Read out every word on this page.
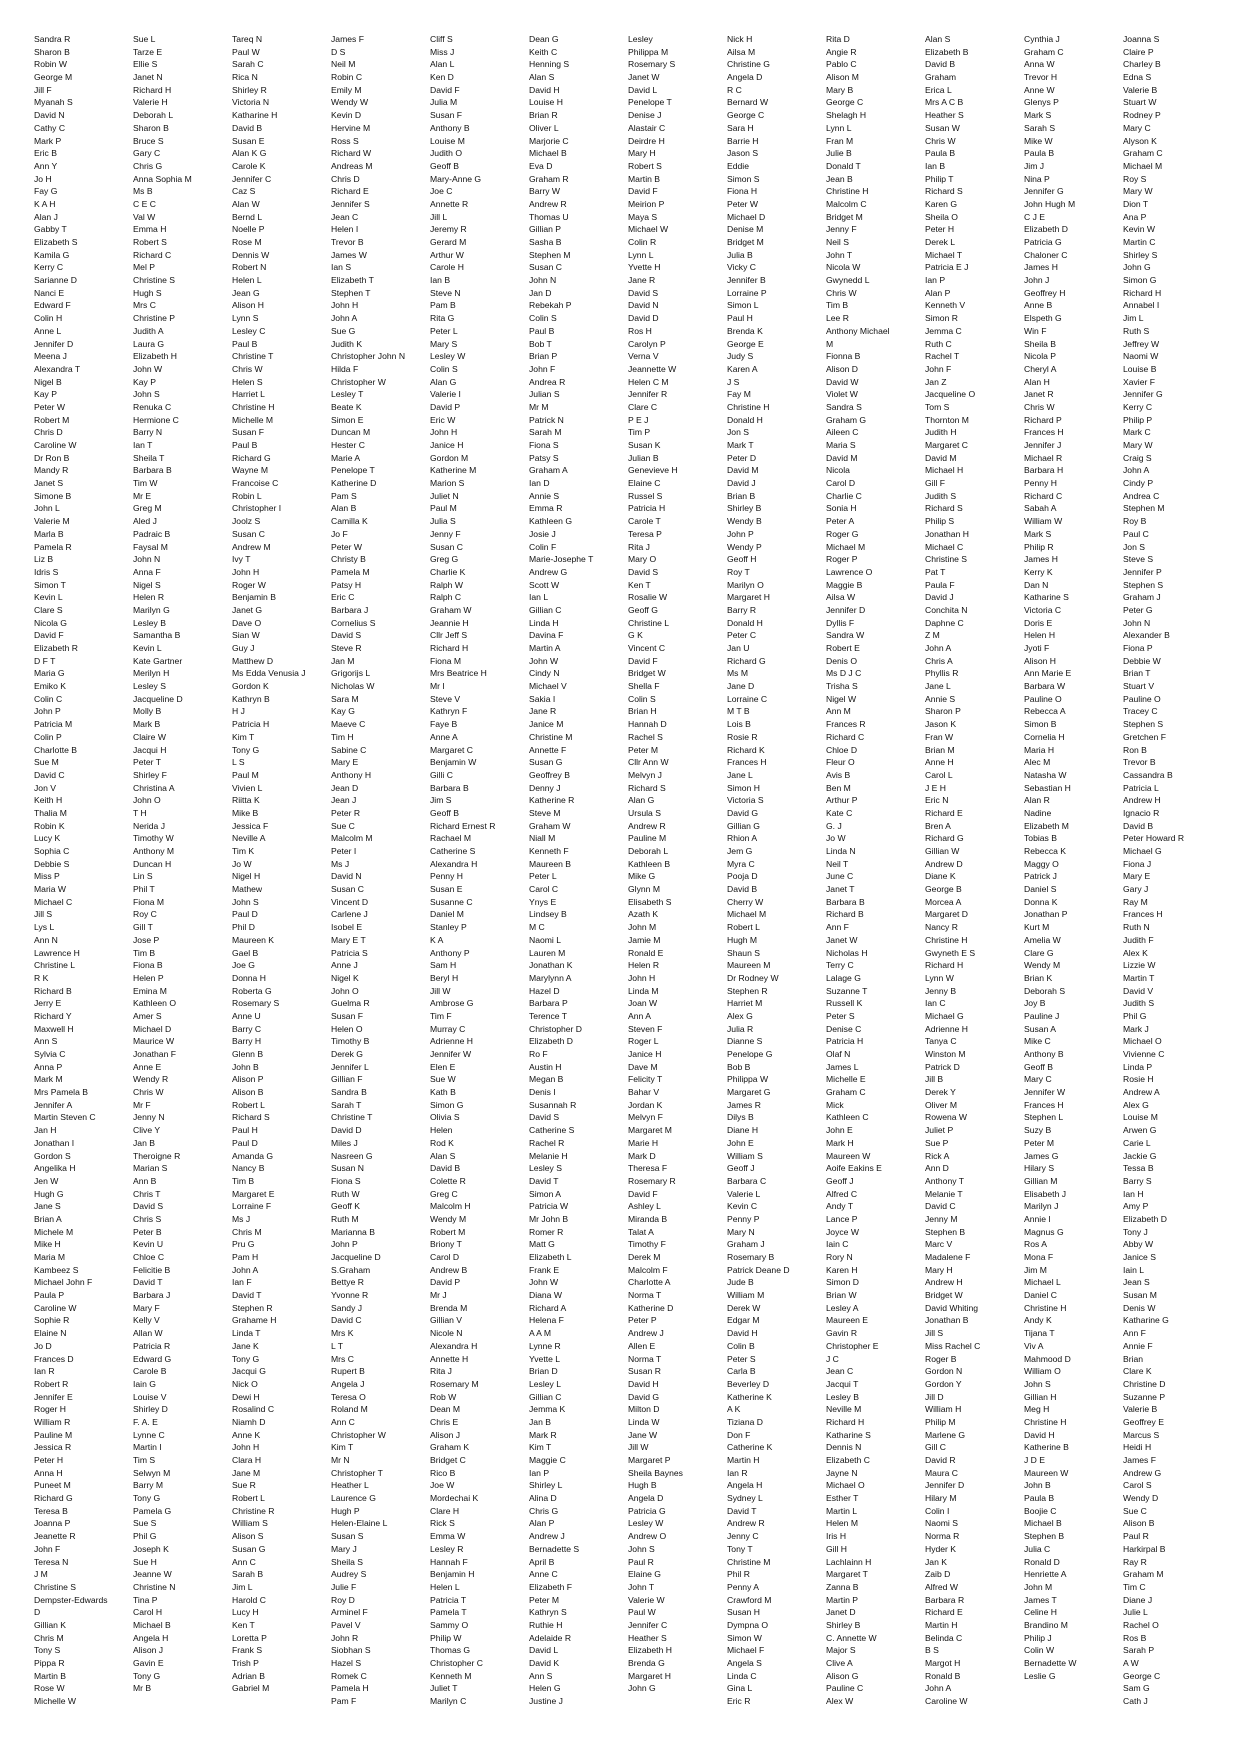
Sandra R
Sharon B
Robin W
George M
Jill F
Myanah S
David N
Cathy C
Mark P
Eric B
Ann Y
Jo H
Fay G
K A H
Alan J
Gabby T
Elizabeth S
Kamila G
Kerry C
Sarianne D
Nanci E
Edward F
Colin H
Anne L
Jennifer D
Meena J
Alexandra T
Nigel B
Kay P
Peter W
Robert M
Chris D
Caroline W
Dr Ron B
Mandy R
Janet S
Simone B
John L
Valerie M
Marla B
Pamela R
Liz B
Idris S
Simon T
Kevin L
Clare S
Nicola G
David F
Elizabeth R
D F T
Maria G
Emiko K
Colin C
John P
Patricia M
Colin P
Charlotte B
Sue M
David C
Jon V
Keith H
Thalia M
Robin K
Lucy K
Sophia C
Debbie S
Miss P
Maria W
Michael C
Jill S
Lys L
Ann N
Lawrence H
Christine L
R K
Richard B
Jerry E
Richard Y
Maxwell H
Ann S
Sylvia C
Anna P
Mark M
Mrs Pamela B
Jennifer A
Martin Steven C
Jan H
Jonathan I
Gordon S
Angelika H
Jen W
Hugh G
Jane S
Brian A
Michele M
Mike H
Maria M
Kambeez S
Michael John F
Paula P
Caroline W
Sophie R
Elaine N
Jo D
Frances D
Ian R
Robert R
Jennifer E
Roger H
William R
Pauline M
Jessica R
Peter H
Anna H
Puneet M
Richard G
Teresa B
Joanna P
Jeanette R
John F
Teresa N
J M
Christine S
Dempster-Edwards
D
Gillian K
Chris M
Tony S
Pippa R
Martin B
Rose W
Michelle W
Sue L
Tarze E
Ellie S
Janet N
Richard H
Valerie H
Deborah L
Sharon B
Bruce S
Gary C
Chris G
Anna Sophia M
Ms B
C E C
Val W
Emma H
Robert S
Richard C
Mel P
Christine S
Hugh S
Mrs C
Christine P
Judith A
Laura G
Elizabeth H
John W
Kay P
John S
Renuka C
Hermione C
Barry N
Ian T
Sheila T
Barbara B
Tim W
Mr E
Greg M
Aled J
Padraic B
Faysal M
John N
Anna F
Nigel S
Helen R
Marilyn G
Lesley B
Samantha B
Kevin L
Kate Gartner
Merilyn H
Lesley S
Jacqueline D
Molly B
Mark B
Claire W
Jacqui H
Peter T
Shirley F
Christina A
John O
T H
Nerida J
Timothy W
Anthony M
Duncan H
Lin S
Phil T
Fiona M
Roy C
Gill T
Jose P
Tim B
Fiona B
Helen P
Emina M
Kathleen O
Amer S
Michael D
Maurice W
Jonathan F
Anne E
Wendy R
Chris W
Mr F
Jenny N
Clive Y
Jan B
Theroigne R
Marian S
Ann B
Chris T
David S
Chris S
Peter B
Kevin U
Chloe C
Felicitie B
David T
Barbara J
Mary F
Kelly V
Allan W
Patricia R
Edward G
Carole B
Iain G
Louise V
Shirley D
F. A. E
Lynne C
Martin I
Tim S
Selwyn M
Barry M
Tony G
Pamela G
Sue S
Phil G
Joseph K
Sue H
Jeanne W
Christine N
Tina P
Carol H
Michael B
Angela H
Alison J
Gavin E
Tony G
Mr B
Tareq N
Paul W
Sarah C
Rica N
Shirley R
Victoria N
Katharine H
David B
Susan E
Alan K G
Carole K
Jennifer C
Caz S
Alan W
Bernd L
Noelle P
Rose M
Dennis W
Robert N
Helen L
Jean G
Alison H
Lynn S
Lesley C
Paul B
Christine T
Chris W
Helen S
Harriet L
Christine H
Michelle M
Susan F
Paul B
Richard G
Wayne M
Francoise C
Robin L
Christopher I
Joolz S
Susan C
Andrew M
Ivy T
John H
Roger W
Benjamin B
Janet G
Dave O
Sian W
Guy J
Matthew D
Ms Edda Venusia J
Gordon K
Kathryn B
H J
Patricia H
Kim T
Tony G
L S
Paul M
Vivien L
Riitta K
Mike B
Jessica F
Neville A
Tim K
Jo W
Nigel H
Mathew
John S
Paul D
Phil D
Maureen K
Gael B
Joe G
Donna H
Roberta G
Rosemary S
Anne U
Barry C
Barry H
Glenn B
John B
Alison P
Alison B
Robert L
Richard S
Paul H
Paul D
Amanda G
Nancy B
Tim B
Margaret E
Lorraine F
Ms J
Chris M
Pru G
Pam H
John A
Ian F
David T
Stephen R
Grahame H
Linda T
Jane K
Tony G
Jacqui G
Nick O
Dewi H
Rosalind C
Niamh D
Anne K
John H
Clara H
Jane M
Sue R
Robert L
Christine R
William S
Alison S
Susan G
Ann C
Sarah B
Jim L
Harold C
Lucy H
Ken T
Loretta P
Frank S
Trish P
Adrian B
Gabriel M
James F
D S
Neil M
Robin C
Emily M
Wendy W
Kevin D
Hervine M
Ross S
Richard W
Andreas M
Chris D
Richard E
Jennifer S
Jean C
Helen I
Trevor B
James W
Ian S
Elizabeth T
Stephen T
John H
John A
Sue G
Judith K
Christopher John N
Hilda F
Christopher W
Lesley T
Beate K
Simon E
Duncan M
Hester C
Marie A
Penelope T
Katherine D
Pam S
Alan B
Camilla K
Jo F
Peter W
Christy B
Pamela M
Patsy H
Eric C
Barbara J
Cornelius S
David S
Steve R
Jan M
Grigorijs L
Nicholas W
Sara M
Kay G
Maeve C
Tim H
Sabine C
Mary E
Anthony H
Jean D
Jean J
Peter R
Sue C
Malcolm M
Peter I
Ms J
David N
Susan C
Vincent D
Carlene J
Isobel E
Mary E T
Patricia S
Anne J
Nigel K
John O
Guelma R
Susan F
Helen O
Timothy B
Derek G
Jennifer L
Gillian F
Sandra B
Sarah T
Christine T
David D
Miles J
Nasreen G
Susan N
Fiona S
Ruth W
Geoff K
Ruth M
Marianna B
John P
Jacqueline D
S.Graham
Bettye R
Yvonne R
Sandy J
David C
Mrs K
L T
Mrs C
Rupert B
Angela J
Teresa O
Roland M
Ann C
Christopher W
Kim T
Mr N
Christopher T
Heather L
Laurence G
Hugh P
Helen-Elaine L
Susan S
Mary J
Sheila S
Audrey S
Julie F
Roy D
Arminel F
Pavel V
John R
Siobhan S
Hazel S
Romek C
Pamela H
Pam F
Cliff S
Miss J
Alan L
Ken D
David F
Julia M
Susan F
Anthony B
Louise M
Judith O
Geoff B
Mary-Anne G
Joe C
Annette R
Jill L
Jeremy R
Gerard M
Arthur W
Carole H
Ian B
Steve N
Pam B
Rita G
Peter L
Mary S
Lesley W
Colin S
Alan G
Valerie I
David P
Eric W
John H
Janice H
Gordon M
Katherine M
Marion S
Juliet N
Paul M
Julia S
Jenny F
Susan C
Greg G
Charlie K
Ralph W
Ralph C
Graham W
Jeannie H
Cllr Jeff S
Richard H
Fiona M
Mrs Beatrice H
Mr I
Steve V
Kathryn F
Faye B
Anne A
Margaret C
Benjamin W
Gilli C
Barbara B
Jim S
Geoff B
Richard Ernest R
Rachael M
Catherine S
Alexandra H
Penny H
Susan E
Susanne C
Daniel M
Stanley P
K A
Anthony P
Sam H
Beryl H
Jill W
Ambrose G
Tim F
Murray C
Adrienne H
Jennifer W
Elen E
Sue W
Kath B
Simon G
Olivia S
Helen
Rod K
Alan S
David B
Colette R
Greg C
Malcolm H
Wendy M
Robert M
Briony T
Carol D
Andrew B
David P
Mr J
Brenda M
Gillian V
Nicole N
Alexandra H
Annette H
Rita J
Rosemary M
Rob W
Dean M
Chris E
Alison J
Graham K
Bridget C
Rico B
Joe W
Mordechai K
Clare H
Rick S
Emma W
Lesley R
Hannah F
Benjamin H
Helen L
Patricia T
Pamela T
Sammy O
Philip W
Thomas G
Christopher C
Kenneth M
Juliet T
Marilyn C
Dean G
Keith C
Henning S
Alan S
David H
Louise H
Brian R
Oliver L
Marjorie C
Michael B
Eva D
Graham R
Barry W
Andrew R
Thomas U
Gillian P
Sasha B
Stephen M
Susan C
John N
Jan D
Rebekah P
Colin S
Paul B
Bob T
Brian P
John F
Andrea R
Julian S
Mr M
Patrick N
Sarah M
Fiona S
Patsy S
Graham A
Ian D
Annie S
Emma R
Kathleen G
Josie J
Colin F
Marie-Josephe T
Andrew G
Scott W
Ian L
Gillian C
Linda H
Davina F
Martin A
John W
Cindy N
Michael V
Sakia I
Jane R
Janice M
Christine M
Annette F
Susan G
Geoffrey B
Denny J
Katherine R
Steve M
Graham W
Niall M
Kenneth F
Maureen B
Peter L
Carol C
Ynys E
Lindsey B
M C
Naomi L
Lauren M
Jonathan K
Marylynn A
Hazel D
Barbara P
Terence T
Christopher D
Elizabeth D
Ro F
Austin H
Megan B
Denis I
Susannah R
David S
Catherine S
Rachel R
Melanie H
Lesley S
David T
Simon A
Patricia W
Mr John B
Romer R
Matt G
Elizabeth L
Frank E
John W
Diana W
Richard A
Helena F
A A M
Lynne R
Yvette L
Brian D
Lesley L
Gillian C
Jemma K
Jan B
Mark R
Kim T
Maggie C
Ian P
Shirley L
Alina D
Chris G
Alan P
Andrew J
Bernadette S
April B
Anne C
Elizabeth F
Peter M
Kathryn S
Ruthie H
Adelaide R
David L
David K
Ann S
Helen G
Justine J
Lesley
Philippa M
Rosemary S
Janet W
David L
Penelope T
Denise J
Alastair C
Deirdre H
Mary H
Robert S
Martin B
David F
Meirion P
Maya S
Michael W
Colin R
Lynn L
Yvette H
Jane R
David S
David N
David D
Ros H
Carolyn P
Verna V
Jeannette W
Helen C M
Jennifer R
Clare C
P E J
Tim P
Susan K
Julian B
Genevieve H
Elaine C
Russel S
Patricia H
Carole T
Teresa P
Rita J
Mary O
David S
Ken T
Rosalie W
Geoff G
Christine L
G K
Vincent C
David F
Bridget W
Shella F
Colin S
Brian H
Hannah D
Rachel S
Peter M
Cllr Ann W
Melvyn J
Richard S
Alan G
Ursula S
Andrew R
Pauline M
Deborah L
Kathleen B
Mike G
Glynn M
Elisabeth S
Azath K
John M
Jamie M
Ronald E
Helen R
John H
Linda M
Joan W
Ann A
Steven F
Roger L
Janice H
Dave M
Felicity T
Bahar V
Jordan K
Melvyn F
Margaret M
Marie H
Mark D
Theresa F
Rosemary R
David F
Ashley L
Miranda B
Talat A
Timothy F
Derek M
Malcolm F
Charlotte A
Norma T
Katherine D
Peter P
Andrew J
Allen E
Norma T
Susan R
David H
David G
Milton D
Linda W
Jane W
Jill W
Margaret P
Sheila Baynes
Hugh B
Angela D
Patricia G
Lesley W
Andrew O
John S
Paul R
Elaine G
John T
Valerie W
Paul W
Jennifer C
Heather S
Elizabeth H
Brenda G
Margaret H
John G
Nick H
Ailsa M
Christine G
Angela D
R C
Bernard W
George C
Sara H
Barrie H
Jason S
Eddie
Simon S
Fiona H
Peter W
Michael D
Denise M
Bridget M
Julia B
Vicky C
Jennifer B
Lorraine P
Simon L
Paul H
Brenda K
George E
Judy S
Karen A
J S
Fay M
Christine H
Donald H
Jon S
Mark T
Peter D
David M
David J
Brian B
Shirley B
Wendy B
John P
Wendy P
Geoff H
Roy T
Marilyn O
Margaret H
Barry R
Donald H
Peter C
Jan U
Richard G
Ms M
Jane D
Lorraine C
M T B
Lois B
Rosie R
Richard K
Frances H
Jane L
Simon H
Victoria S
David G
Gillian G
Rhion A
Jem G
Myra C
Pooja D
David B
Cherry W
Michael M
Robert L
Hugh M
Shaun S
Maureen M
Dr Rodney W
Stephen R
Harriet M
Alex G
Julia R
Dianne S
Penelope G
Bob B
Philippa W
Margaret G
James R
Dilys B
Diane H
John E
William S
Geoff J
Barbara C
Valerie L
Kevin C
Penny P
Mary N
Graham J
Rosemary B
Patrick Deane D
Jude B
William M
Derek W
Edgar M
David H
Colin B
Peter S
Carla B
Beverley D
Katherine K
A K
Tiziana D
Don F
Catherine K
Martin H
Ian R
Angela H
Sydney L
David T
Andrew R
Jenny C
Tony T
Christine M
Phil R
Penny A
Crawford M
Susan H
Dympna O
Simon W
Michael F
Angela S
Linda C
Gina L
Eric R
Rita D
Angie R
Pablo C
Alison M
Mary B
George C
Shelagh H
Lynn L
Fran M
Julie B
Donald T
Jean B
Christine H
Malcolm C
Bridget M
Jenny F
Neil S
John T
Nicola W
Gwynedd L
Chris W
Tim B
Lee R
Anthony Michael
M
Fionna B
Alison D
David W
Violet W
Sandra S
Graham G
Aileen C
Maria S
David M
Nicola
Carol D
Charlie C
Sonia H
Peter A
Roger G
Michael M
Roger P
Lawrence O
Maggie B
Ailsa W
Jennifer D
Dyllis F
Sandra W
Robert E
Denis O
Ms D J C
Trisha S
Nigel W
Ann M
Frances R
Richard C
Chloe D
Fleur O
Avis B
Ben M
Arthur P
Kate C
G. J
Jo W
Linda N
Neil T
June C
Janet T
Barbara B
Richard B
Ann F
Janet W
Nicholas H
Terry C
Lalage G
Suzanne T
Russell K
Peter S
Denise C
Patricia H
Olaf N
James L
Michelle E
Graham C
Mick
Kathleen C
John E
Mark H
Maureen W
Aoife Eakins E
Geoff J
Alfred C
Andy T
Lance P
Joyce W
Iain C
Rory N
Karen H
Simon D
Brian W
Lesley A
Maureen E
Gavin R
Christopher E
J C
Jean C
Jacqui T
Lesley B
Neville M
Richard H
Katharine S
Dennis N
Elizabeth C
Jayne N
Michael O
Esther T
Martin L
Helen M
Iris H
Gill H
Lachlainn H
Margaret T
Zanna B
Martin P
Janet D
Shirley B
C. Annette W
Major S
Clive A
Alison G
Pauline C
Alex W
Alan S
Elizabeth B
David B
Graham
Erica L
Mrs A C B
Heather S
Susan W
Chris W
Paula B
Ian B
Philip T
Richard S
Karen G
Sheila O
Peter H
Derek L
Michael T
Patricia E J
Ian P
Alan P
Kenneth V
Simon R
Jemma C
Ruth C
Rachel T
John F
Jan Z
Jacqueline O
Tom S
Thornton M
Judith H
Margaret C
David M
Michael H
Gill F
Judith S
Richard S
Philip S
Jonathan H
Michael C
Christine S
Pat T
Paula F
David J
Conchita N
Daphne C
Z M
John A
Chris A
Phyllis R
Jane L
Annie S
Sharon P
Jason K
Fran W
Brian M
Anne H
Carol L
J E H
Eric N
Richard E
Bren A
Richard G
Gillian W
Andrew D
Diane K
George B
Morcea A
Margaret D
Nancy R
Christine H
Gwyneth E S
Richard H
Lynn W
Jenny B
Ian C
Michael G
Adrienne H
Tanya C
Winston M
Patrick D
Jill B
Derek Y
Oliver M
Rowena W
Juliet P
Sue P
Rick A
Ann D
Anthony T
Melanie T
David C
Jenny M
Stephen B
Marc V
Madalene F
Mary H
Andrew H
Bridget W
David Whiting
Jonathan B
Jill S
Miss Rachel C
Roger B
Gordon N
Gordon Y
Jill D
William H
Philip M
Marlene G
Gill C
David R
Maura C
Jennifer D
Hilary M
Colin I
Naomi S
Norma R
Hyder K
Jan K
Zaib D
Alfred W
Barbara R
Richard E
Martin H
Belinda C
B S
Margot H
Ronald B
John A
Caroline W
Cynthia J
Graham C
Anna W
Trevor H
Anne W
Glenys P
Mark S
Sarah S
Mike W
Paula B
Jim J
Nina P
Jennifer G
John Hugh M
C J E
Elizabeth D
Patricia G
Chaloner C
James H
John J
Geoffrey H
Anne B
Elspeth G
Win F
Sheila B
Nicola P
Cheryl A
Alan H
Janet R
Chris W
Richard P
Frances H
Jennifer J
Michael R
Barbara H
Penny H
Richard C
Sabah A
William W
Mark S
Philip R
James H
Kerry K
Dan N
Katharine S
Victoria C
Doris E
Helen H
Jyoti F
Alison H
Ann Marie E
Barbara W
Pauline O
Rebecca A
Simon B
Cornelia H
Maria H
Alec M
Natasha W
Sebastian H
Alan R
Nadine
Elizabeth M
Tobias B
Rebecca K
Maggy O
Patrick J
Daniel S
Donna K
Jonathan P
Kurt M
Amelia W
Clare G
Wendy M
Brian K
Deborah S
Joy B
Pauline J
Susan A
Mike C
Anthony B
Geoff B
Mary C
Jennifer W
Frances H
Stephen L
Suzy B
Peter M
James G
Hilary S
Gillian M
Elisabeth J
Marilyn J
Annie I
Magnus G
Ros A
Mona F
Jim M
Michael L
Daniel C
Christine H
Andy K
Tijana T
Viv A
Mahmood D
William O
John S
Gillian H
Meg H
Christine H
David H
Katherine B
J D E
Maureen W
John B
Paula B
Boojie C
Michael B
Stephen B
Julia C
Ronald D
Henriette A
John M
James T
Celine H
Brandino M
Philip J
Colin W
Bernadette W
Leslie G
Joanna S
Claire P
Charley B
Edna S
Valerie B
Stuart W
Rodney P
Mary C
Alyson K
Graham C
Michael M
Roy S
Mary W
Dion T
Ana P
Kevin W
Martin C
Shirley S
John G
Simon G
Richard H
Annabel I
Jim L
Ruth S
Jeffrey W
Naomi W
Louise B
Xavier F
Jennifer G
Kerry C
Philip P
Mark C
Mary W
Craig S
John A
Cindy P
Andrea C
Stephen M
Roy B
Paul C
Jon S
Steve S
Jennifer P
Stephen S
Graham J
Peter G
John N
Alexander B
Fiona P
Debbie W
Brian T
Stuart V
Pauline O
Tracey C
Stephen S
Gretchen F
Ron B
Trevor B
Cassandra B
Patricia L
Andrew H
Ignacio R
David B
Peter Howard R
Michael G
Fiona J
Mary E
Gary J
Ray M
Frances H
Ruth N
Judith F
Alex K
Lizzie W
Martin T
David V
Judith S
Phil G
Mark J
Michael O
Vivienne C
Linda P
Rosie H
Andrew A
Alex G
Louise M
Arwen G
Carie L
Jackie G
Tessa B
Barry S
Ian H
Amy P
Elizabeth D
Tony J
Abby W
Janice S
Iain L
Jean S
Susan M
Denis W
Katharine G
Ann F
Annie F
Brian
Clare K
Christine D
Suzanne P
Valerie B
Geoffrey E
Marcus S
Heidi H
James F
Andrew G
Carol S
Wendy D
Sue C
Alison B
Paul R
Harkirpal B
Ray R
Graham M
Tim C
Diane J
Julie L
Rachel O
Ros B
Sarah P
A W
George C
Sam G
Cath J
